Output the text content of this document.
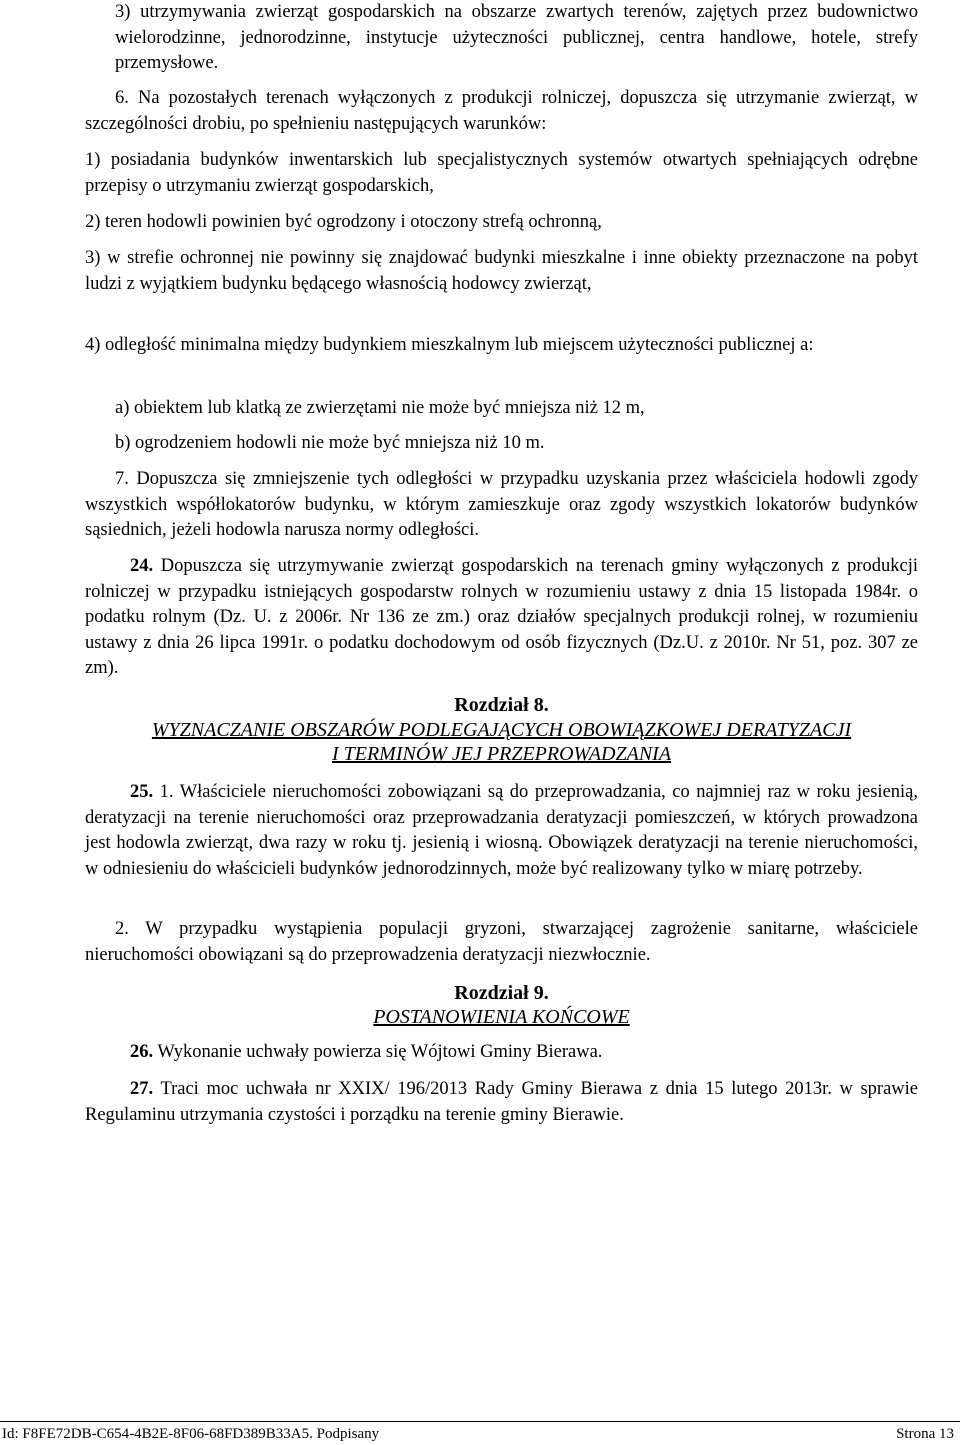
3) utrzymywania zwierząt gospodarskich na obszarze zwartych terenów, zajętych przez budownictwo wielorodzinne, jednorodzinne, instytucje użyteczności publicznej, centra handlowe, hotele, strefy przemysłowe.

6. Na pozostałych terenach wyłączonych z produkcji rolniczej, dopuszcza się utrzymanie zwierząt, w szczególności drobiu, po spełnieniu następujących warunków:

1) posiadania budynków inwentarskich lub specjalistycznych systemów otwartych spełniających odrębne przepisy o utrzymaniu zwierząt gospodarskich,

2) teren hodowli powinien być ogrodzony i otoczony strefą ochronną,

3) w strefie ochronnej nie powinny się znajdować budynki mieszkalne i inne obiekty przeznaczone na pobyt ludzi z wyjątkiem budynku będącego własnością hodowcy zwierząt,

4) odległość minimalna między budynkiem mieszkalnym lub miejscem użyteczności publicznej a:

a) obiektem lub klatką ze zwierzętami nie może być mniejsza niż 12 m,

b) ogrodzeniem hodowli nie może być mniejsza niż 10 m.

7. Dopuszcza się zmniejszenie tych odległości w przypadku uzyskania przez właściciela hodowli zgody wszystkich współlokatorów budynku, w którym zamieszkuje oraz zgody wszystkich lokatorów budynków sąsiednich, jeżeli hodowla narusza normy odległości.

24. Dopuszcza się utrzymywanie zwierząt gospodarskich na terenach gminy wyłączonych z produkcji rolniczej w przypadku istniejących gospodarstw rolnych w rozumieniu ustawy z dnia 15 listopada 1984r. o podatku rolnym (Dz. U. z 2006r. Nr 136 ze zm.) oraz działów specjalnych produkcji rolnej, w rozumieniu ustawy z dnia 26 lipca 1991r. o podatku dochodowym od osób fizycznych (Dz.U. z 2010r. Nr 51, poz. 307 ze zm).

Rozdział 8.

WYZNACZANIE OBSZARÓW PODLEGAJĄCYCH OBOWIĄZKOWEJ DERATYZACJI

I TERMINÓW JEJ PRZEPROWADZANIA

25. 1. Właściciele nieruchomości zobowiązani są do przeprowadzania, co najmniej raz w roku jesienią, deratyzacji na terenie nieruchomości oraz przeprowadzania deratyzacji pomieszczeń, w których prowadzona jest hodowla zwierząt, dwa razy w roku tj. jesienią i wiosną. Obowiązek deratyzacji na terenie nieruchomości, w odniesieniu do właścicieli budynków jednorodzinnych, może być realizowany tylko w miarę potrzeby.

2. W przypadku wystąpienia populacji gryzoni, stwarzającej zagrożenie sanitarne, właściciele nieruchomości obowiązani są do przeprowadzenia deratyzacji niezwłocznie.

Rozdział 9.

POSTANOWIENIA KOŃCOWE

26. Wykonanie uchwały powierza się Wójtowi Gminy Bierawa.

27. Traci moc uchwała nr XXIX/ 196/2013 Rady Gminy Bierawa z dnia 15 lutego 2013r. w sprawie Regulaminu utrzymania czystości i porządku na terenie gminy Bierawie.

Id: F8FE72DB-C654-4B2E-8F06-68FD389B33A5. Podpisany	Strona 13
